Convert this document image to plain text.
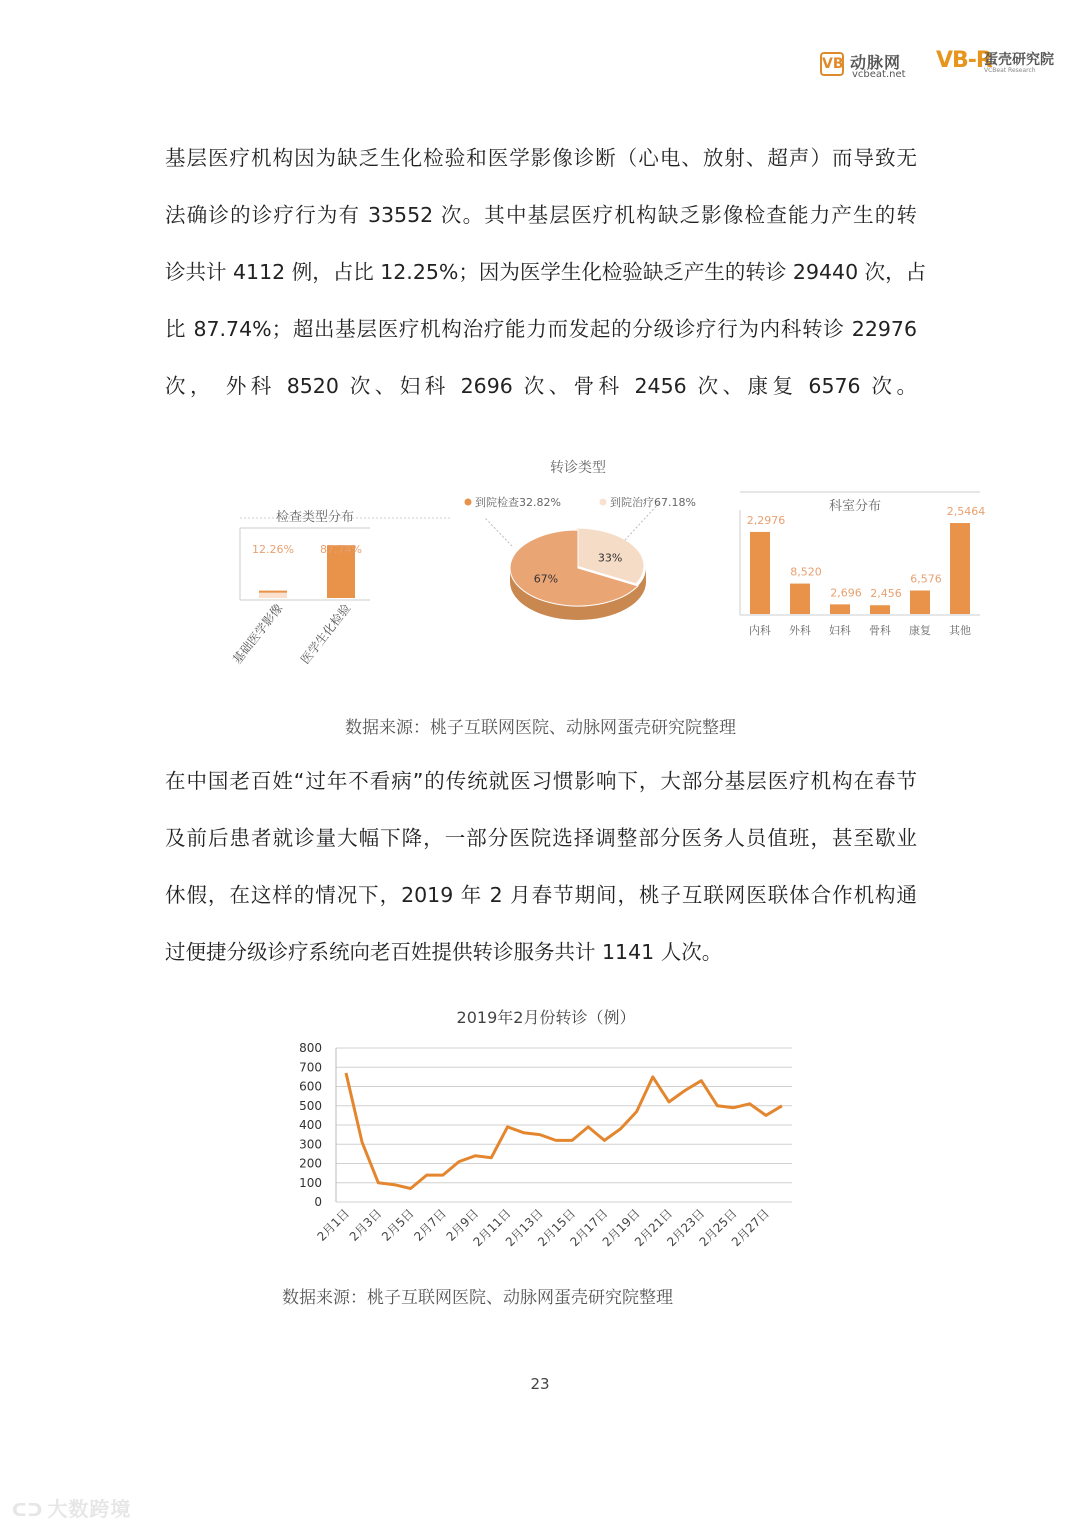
VB 动脉网
vcbeat.net
VB-R
蛋壳研究院
VCBeat Research
基层医疗机构因为缺乏生化检验和医学影像诊断（心电、放射、超声）而导致无
法确诊的诊疗行为有 33552 次。其中基层医疗机构缺乏影像检查能力产生的转
诊共计 4112 例，占比 12.25%；因为医学生化检验缺乏产生的转诊 29440 次，占
比 87.74%；超出基层医疗机构治疗能力而发起的分级诊疗行为内科转诊 22976
次， 外科 8520 次、妇科 2696 次、骨科 2456 次、康复 6576 次。
检查类型分布
12.26%
基础医学影像
87.74%
医学生化检验
转诊类型
到院检查32.82%	到院治疗67.18%
33%
67%
科室分布
2,2976
内科
8,520
外科
2,696
妇科
2,456
骨科
6,576
康复
2,5464
其他
数据来源：桃子互联网医院、动脉网蛋壳研究院整理
在中国老百姓“过年不看病”的传统就医习惯影响下，大部分基层医疗机构在春节
及前后患者就诊量大幅下降，一部分医院选择调整部分医务人员值班，甚至歇业
休假，在这样的情况下，2019 年 2 月春节期间，桃子互联网医联体合作机构通
过便捷分级诊疗系统向老百姓提供转诊服务共计 1141 人次。
2019年2月份转诊（例）
0
100
200
300
400
500
600
700
800
2月1日
2月3日
2月5日
2月7日
2月9日
2月11日
2月13日
2月15日
2月17日
2月19日
2月21日
2月23日
2月25日
2月27日
数据来源：桃子互联网医院、动脉网蛋壳研究院整理
23
ᑕᑐ 大数跨境
